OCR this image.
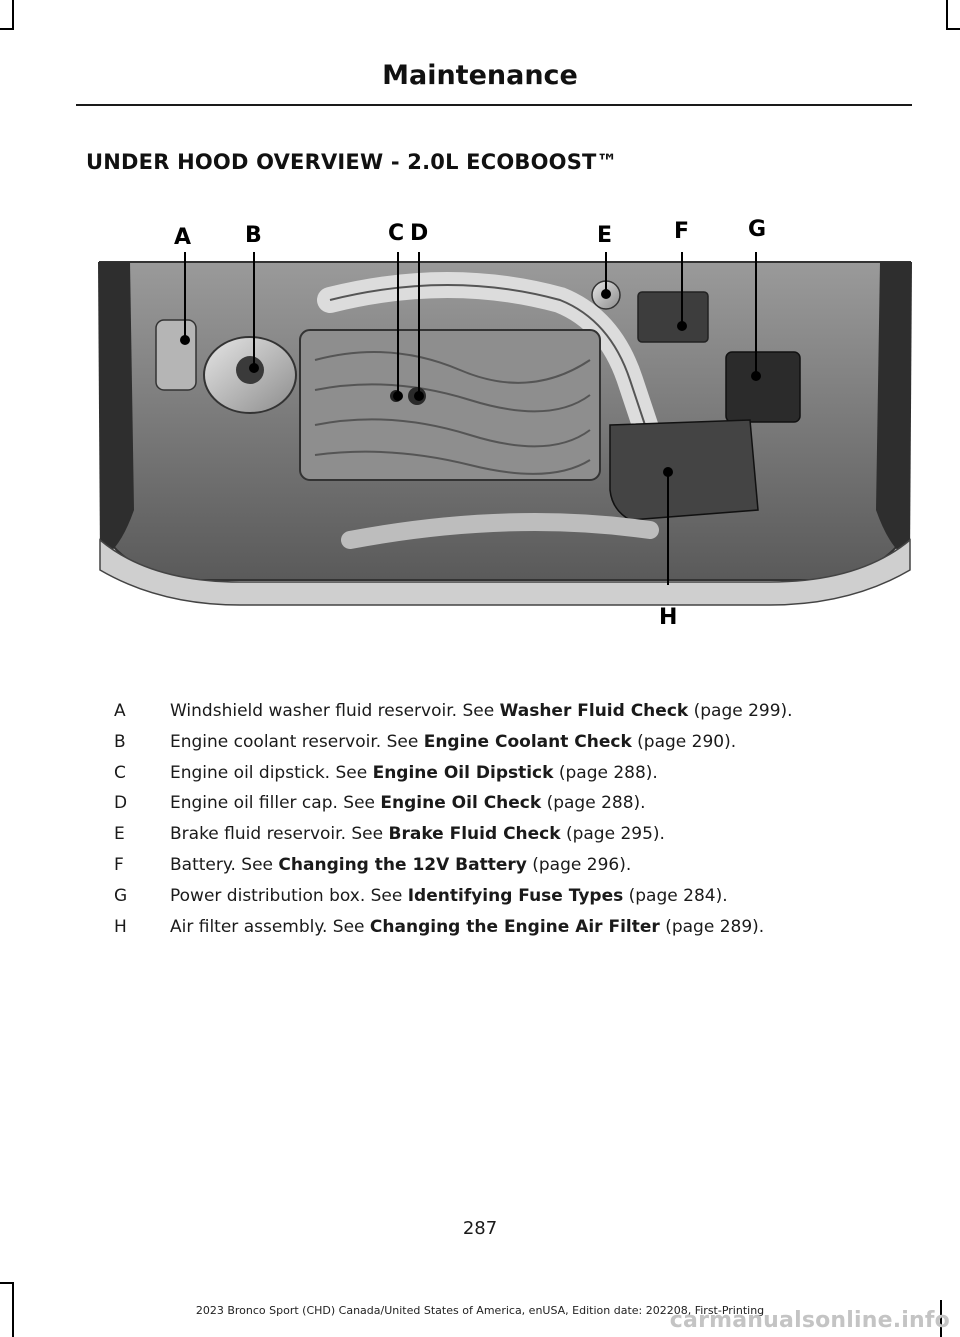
Maintenance
UNDER HOOD OVERVIEW - 2.0L ECOBOOST™
A B	C D	E	F	G
H
A	Windshield washer fluid reservoir. See Washer Fluid Check (page 299).
B	Engine coolant reservoir. See Engine Coolant Check (page 290).
C	Engine oil dipstick. See Engine Oil Dipstick (page 288).
D	Engine oil filler cap. See Engine Oil Check (page 288).
E	Brake fluid reservoir. See Brake Fluid Check (page 295).
F	Battery. See Changing the 12V Battery (page 296).
G	Power distribution box. See Identifying Fuse Types (page 284).
H	Air filter assembly. See Changing the Engine Air Filter (page 289).
287
2023 Bronco Sport (CHD) Canada/United States of America, enUSA, Edition date: 202208, First-Printing
carmanualsonline.info
